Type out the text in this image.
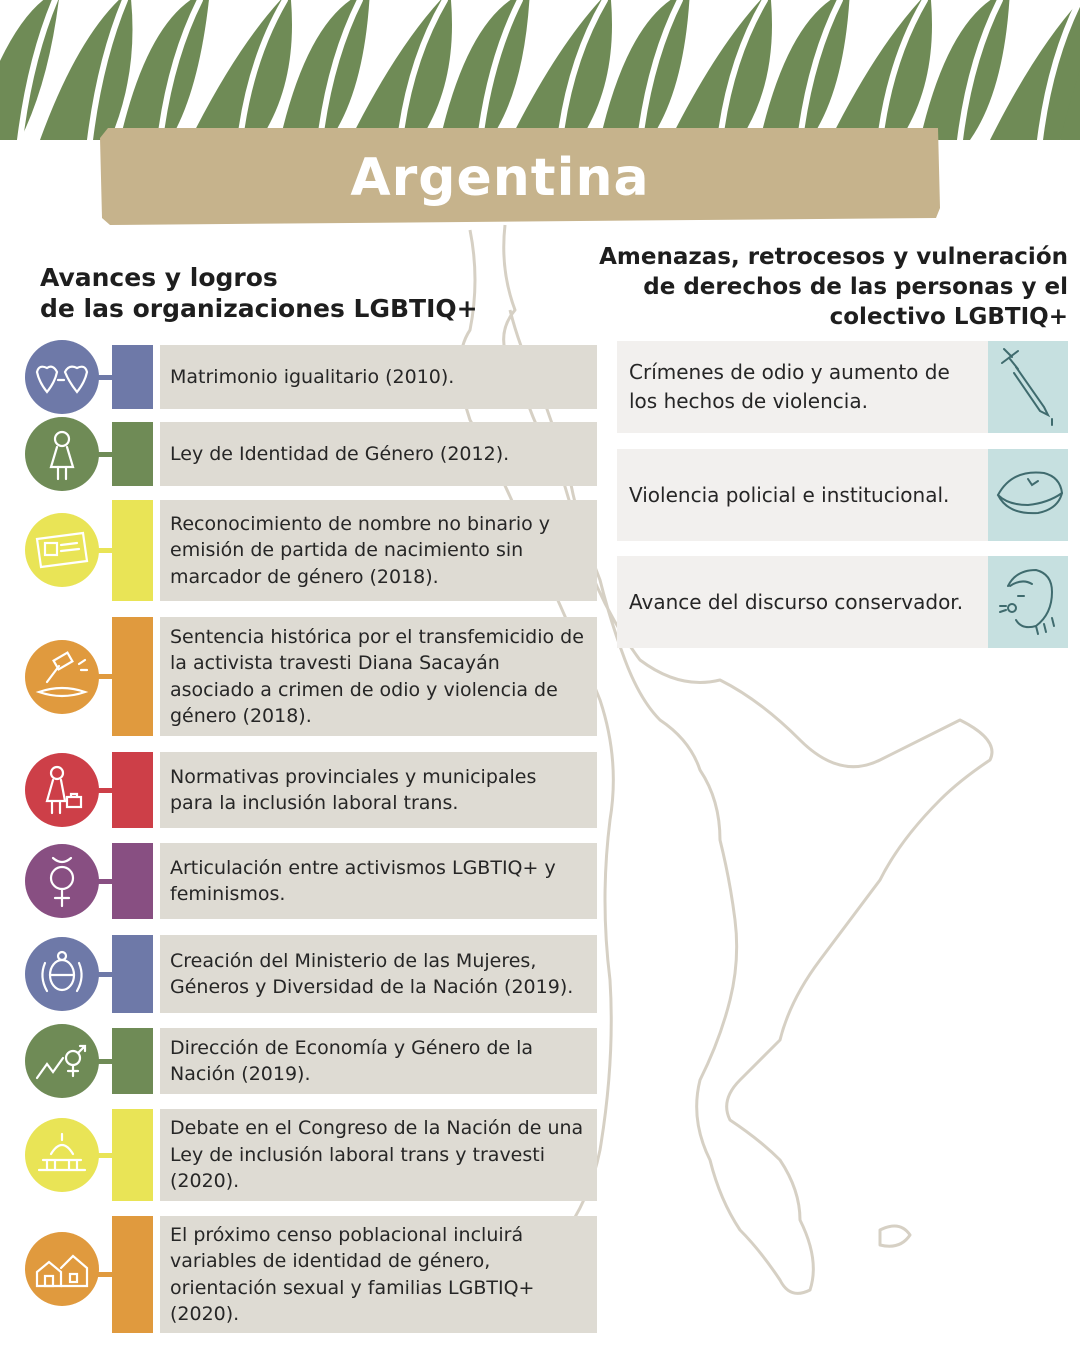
Argentina
Avances y logros
de las organizaciones LGBTIQ+
Amenazas, retrocesos y vulneración
de derechos de las personas y el
colectivo LGBTIQ+
Matrimonio igualitario (2010).
Ley de Identidad de Género (2012).
Reconocimiento de nombre no binario y emisión de partida de nacimiento sin marcador de género (2018).
Sentencia histórica por el transfemicidio de la activista travesti Diana Sacayán asociado a crimen de odio y violencia de género (2018).
Normativas provinciales y municipales para la inclusión laboral trans.
Articulación entre activismos LGBTIQ+ y feminismos.
Creación del Ministerio de las Mujeres, Géneros y Diversidad de la Nación (2019).
Dirección de Economía y Género de la Nación (2019).
Debate en el Congreso de la Nación de una Ley de inclusión laboral trans y travesti (2020).
El próximo censo poblacional incluirá variables de identidad de género, orientación sexual y familias LGBTIQ+ (2020).
Crímenes de odio y aumento de los hechos de violencia.
Violencia policial e institucional.
Avance del discurso conservador.
